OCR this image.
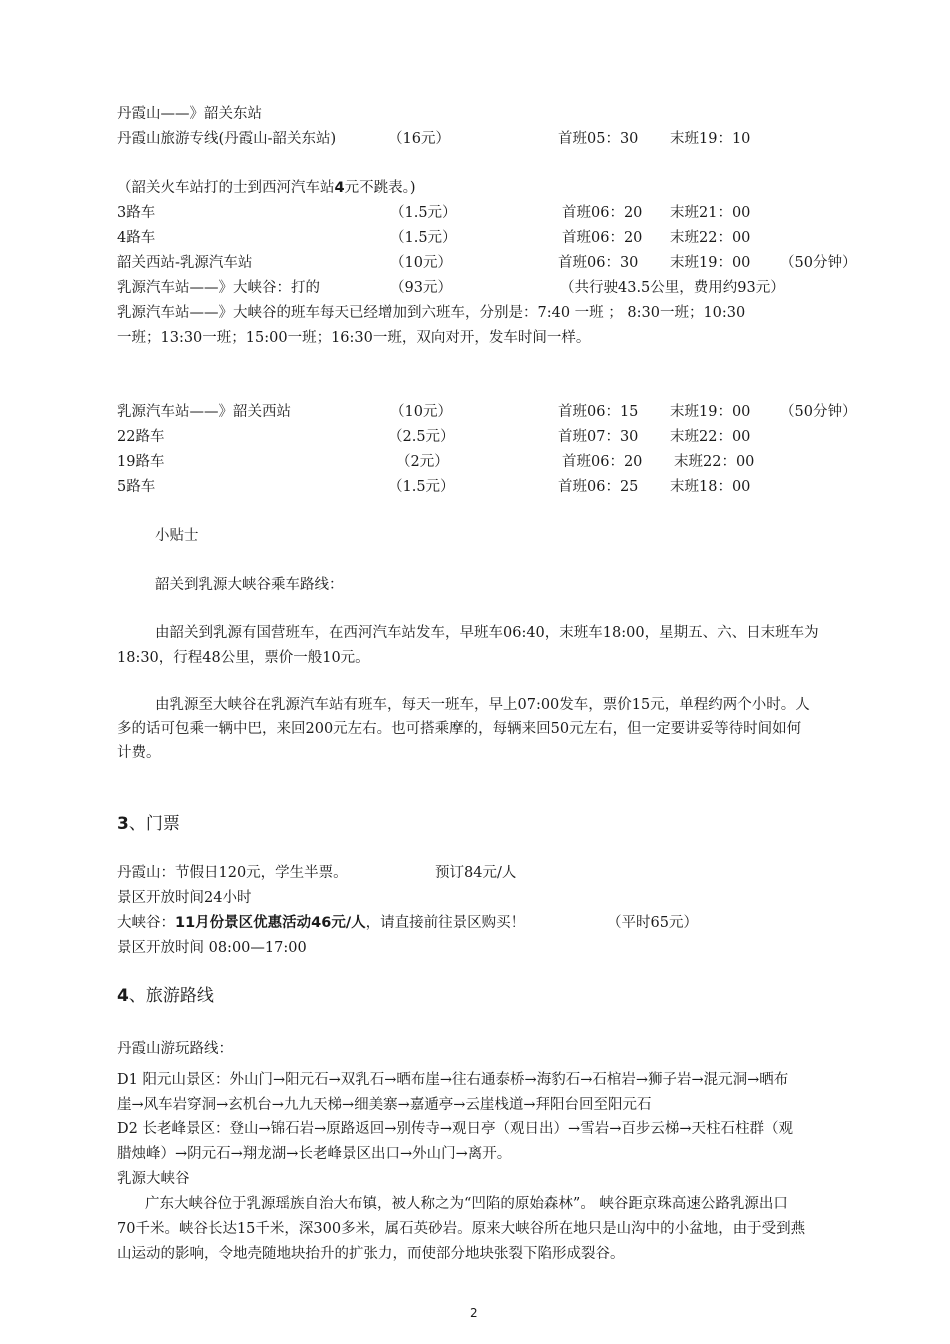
丹霞山——》韶关东站
丹霞山旅游专线(丹霞山-韶关东站)	（16元）	首班05：30 末班19：10
（韶关火车站打的士到西河汽车站4元不跳表。)
3路车	（1.5元）	首班06：20 末班21：00
4路车	（1.5元）	首班06：20 末班22：00
韶关西站-乳源汽车站	（10元）	首班06：30 末班19：00 （50分钟）
乳源汽车站——》大峡谷：打的	（93元）	（共行驶43.5公里，费用约93元）
乳源汽车站——》大峡谷的班车每天已经增加到六班车，分别是：7:40 一班 ； 8:30一班；10:30
一班；13:30一班；15:00一班；16:30一班，双向对开，发车时间一样。
乳源汽车站——》韶关西站	（10元）	首班06：15 末班19：00 （50分钟）
22路车	（2.5元）	首班07：30 末班22：00
19路车	（2元）	首班06：20 末班22：00
5路车	（1.5元）	首班06：25 末班18：00
小贴士
韶关到乳源大峡谷乘车路线：
由韶关到乳源有国营班车，在西河汽车站发车，早班车06:40，末班车18:00，星期五、六、日末班车为
18:30，行程48公里，票价一般10元。
由乳源至大峡谷在乳源汽车站有班车，每天一班车，早上07:00发车，票价15元，单程约两个小时。人
多的话可包乘一辆中巴，来回200元左右。也可搭乘摩的，每辆来回50元左右，但一定要讲妥等待时间如何
计费。
3、门票
丹霞山：节假日120元，学生半票。	预订84元/人
景区开放时间24小时
大峡谷：11月份景区优惠活动46元/人，请直接前往景区购买！	（平时65元）
景区开放时间 08:00—17:00
4、旅游路线
丹霞山游玩路线：
D1 阳元山景区：外山门→阳元石→双乳石→晒布崖→往右通泰桥→海豹石→石棺岩→狮子岩→混元洞→晒布
崖→风车岩穿洞→玄机台→九九天梯→细美寨→嘉遁亭→云崖栈道→拜阳台回至阳元石
D2 长老峰景区：登山→锦石岩→原路返回→别传寺→观日亭（观日出）→雪岩→百步云梯→天柱石柱群（观
腊烛峰）→阴元石→翔龙湖→长老峰景区出口→外山门→离开。
乳源大峡谷
广东大峡谷位于乳源瑶族自治大布镇，被人称之为“凹陷的原始森林”。 峡谷距京珠高速公路乳源出口
70千米。峡谷长达15千米，深300多米，属石英砂岩。原来大峡谷所在地只是山沟中的小盆地，由于受到燕
山运动的影响，令地壳随地块抬升的扩张力，而使部分地块张裂下陷形成裂谷。
2
